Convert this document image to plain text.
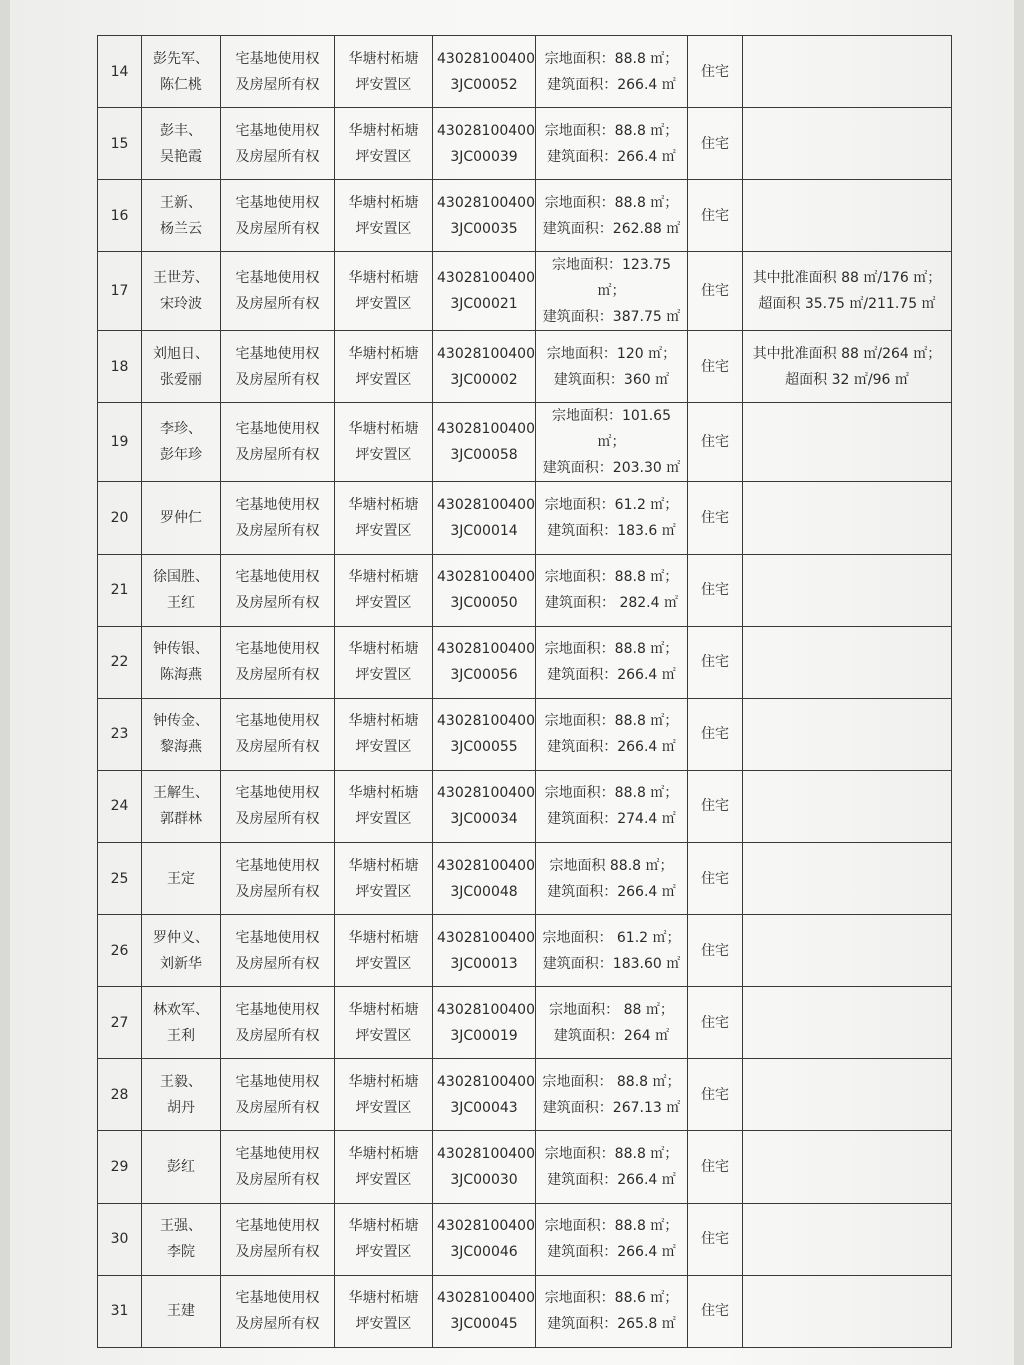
14	彭先军、
陈仁桃	宅基地使用权
及房屋所有权	华塘村柘塘
坪安置区	43028100400
3JC00052	宗地面积：88.8 ㎡；
建筑面积：266.4 ㎡	住宅	
15	彭丰、
吴艳霞	宅基地使用权
及房屋所有权	华塘村柘塘
坪安置区	43028100400
3JC00039	宗地面积：88.8 ㎡；
建筑面积：266.4 ㎡	住宅	
16	王新、
杨兰云	宅基地使用权
及房屋所有权	华塘村柘塘
坪安置区	43028100400
3JC00035	宗地面积：88.8 ㎡；
建筑面积：262.88 ㎡	住宅	
17	王世芳、
宋玲波	宅基地使用权
及房屋所有权	华塘村柘塘
坪安置区	43028100400
3JC00021	宗地面积：123.75 ㎡；
建筑面积：387.75 ㎡	住宅	其中批准面积 88 ㎡/176 ㎡；
超面积 35.75 ㎡/211.75 ㎡
18	刘旭日、
张爱丽	宅基地使用权
及房屋所有权	华塘村柘塘
坪安置区	43028100400
3JC00002	宗地面积：120 ㎡；
建筑面积：360 ㎡	住宅	其中批准面积 88 ㎡/264 ㎡；
超面积 32 ㎡/96 ㎡
19	李珍、
彭年珍	宅基地使用权
及房屋所有权	华塘村柘塘
坪安置区	43028100400
3JC00058	宗地面积：101.65 ㎡；
建筑面积：203.30 ㎡	住宅	
20	罗仲仁	宅基地使用权
及房屋所有权	华塘村柘塘
坪安置区	43028100400
3JC00014	宗地面积：61.2 ㎡；
建筑面积：183.6 ㎡	住宅	
21	徐国胜、
王红	宅基地使用权
及房屋所有权	华塘村柘塘
坪安置区	43028100400
3JC00050	宗地面积：88.8 ㎡；
建筑面积： 282.4 ㎡	住宅	
22	钟传银、
陈海燕	宅基地使用权
及房屋所有权	华塘村柘塘
坪安置区	43028100400
3JC00056	宗地面积：88.8 ㎡；
建筑面积：266.4 ㎡	住宅	
23	钟传金、
黎海燕	宅基地使用权
及房屋所有权	华塘村柘塘
坪安置区	43028100400
3JC00055	宗地面积：88.8 ㎡；
建筑面积：266.4 ㎡	住宅	
24	王解生、
郭群林	宅基地使用权
及房屋所有权	华塘村柘塘
坪安置区	43028100400
3JC00034	宗地面积：88.8 ㎡；
建筑面积：274.4 ㎡	住宅	
25	王定	宅基地使用权
及房屋所有权	华塘村柘塘
坪安置区	43028100400
3JC00048	宗地面积 88.8 ㎡；
建筑面积：266.4 ㎡	住宅	
26	罗仲义、
刘新华	宅基地使用权
及房屋所有权	华塘村柘塘
坪安置区	43028100400
3JC00013	宗地面积： 61.2 ㎡；
建筑面积：183.60 ㎡	住宅	
27	林欢军、
王利	宅基地使用权
及房屋所有权	华塘村柘塘
坪安置区	43028100400
3JC00019	宗地面积： 88 ㎡；
建筑面积：264 ㎡	住宅	
28	王毅、
胡丹	宅基地使用权
及房屋所有权	华塘村柘塘
坪安置区	43028100400
3JC00043	宗地面积： 88.8 ㎡；
建筑面积：267.13 ㎡	住宅	
29	彭红	宅基地使用权
及房屋所有权	华塘村柘塘
坪安置区	43028100400
3JC00030	宗地面积：88.8 ㎡；
建筑面积：266.4 ㎡	住宅	
30	王强、
李院	宅基地使用权
及房屋所有权	华塘村柘塘
坪安置区	43028100400
3JC00046	宗地面积：88.8 ㎡；
建筑面积：266.4 ㎡	住宅	
31	王建	宅基地使用权
及房屋所有权	华塘村柘塘
坪安置区	43028100400
3JC00045	宗地面积：88.6 ㎡；
建筑面积：265.8 ㎡	住宅	
